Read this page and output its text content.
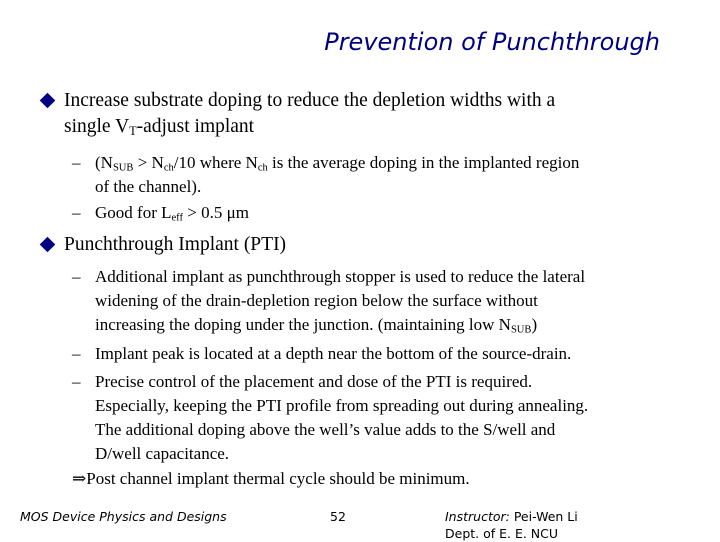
Prevention of Punchthrough
Increase substrate doping to reduce the depletion widths with a
single $V_T$-adjust implant
– ($N_{SUB} > N_{ch}/10$ where $N_{ch}$ is the average doping in the implanted region
of the channel).
– Good for $L_{eff} > 0.5$ μm
Punchthrough Implant (PTI)
– Additional implant as punchthrough stopper is used to reduce the lateral
widening of the drain-depletion region below the surface without
increasing the doping under the junction. (maintaining low $N_{SUB}$)
– Implant peak is located at a depth near the bottom of the source-drain.
– Precise control of the placement and dose of the PTI is required.
Especially, keeping the PTI profile from spreading out during annealing.
The additional doping above the well’s value adds to the S/well and
D/well capacitance.
⇒Post channel implant thermal cycle should be minimum.
MOS Device Physics and Designs	52	Instructor: Pei-Wen Li
Dept. of E. E. NCU
